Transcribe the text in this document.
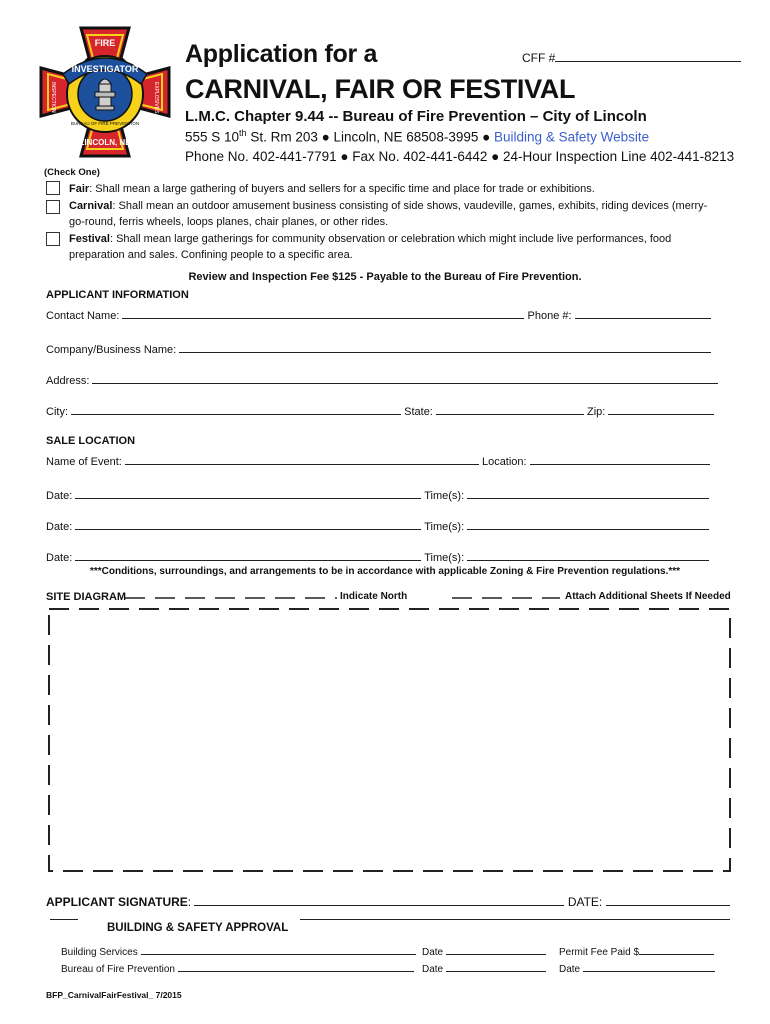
INVESTIGATOR
FIRE
LINCOLN, NE
BUREAU OF FIRE PREVENTION
INSPECTION	EXPLOSIVES
Application for a
CARNIVAL, FAIR OR FESTIVAL
CFF #
L.M.C. Chapter 9.44 -- Bureau of Fire Prevention – City of Lincoln
555 S 10th St. Rm 203 ● Lincoln, NE 68508-3995 ● Building & Safety Website
Phone No. 402-441-7791 ● Fax No. 402-441-6442 ● 24-Hour Inspection Line 402-441-8213
(Check One)
Fair: Shall mean a large gathering of buyers and sellers for a specific time and place for trade or exhibitions.
Carnival: Shall mean an outdoor amusement business consisting of side shows, vaudeville, games, exhibits, riding devices (merry-
go-round, ferris wheels, loops planes, chair planes, or other rides.
Festival: Shall mean large gatherings for community observation or celebration which might include live performances, food
preparation and sales. Confining people to a specific area.
Review and Inspection Fee $125 - Payable to the Bureau of Fire Prevention.
APPLICANT INFORMATION
Contact Name:	Phone #:
Company/Business Name:
Address:
City:	State:	Zip:
SALE LOCATION
Name of Event:	Location:
Date:	Time(s):
Date:	Time(s):
Date:	Time(s):
***Conditions, surroundings, and arrangements to be in accordance with applicable Zoning & Fire Prevention regulations.***
SITE DIAGRAM	Indicate North	Attach Additional Sheets If Needed
APPLICANT SIGNATURE:	DATE:
BUILDING & SAFETY APPROVAL
Building Services	Date	Permit Fee Paid $
Bureau of Fire Prevention	Date	Date
BFP_CarnivalFairFestival_ 7/2015
